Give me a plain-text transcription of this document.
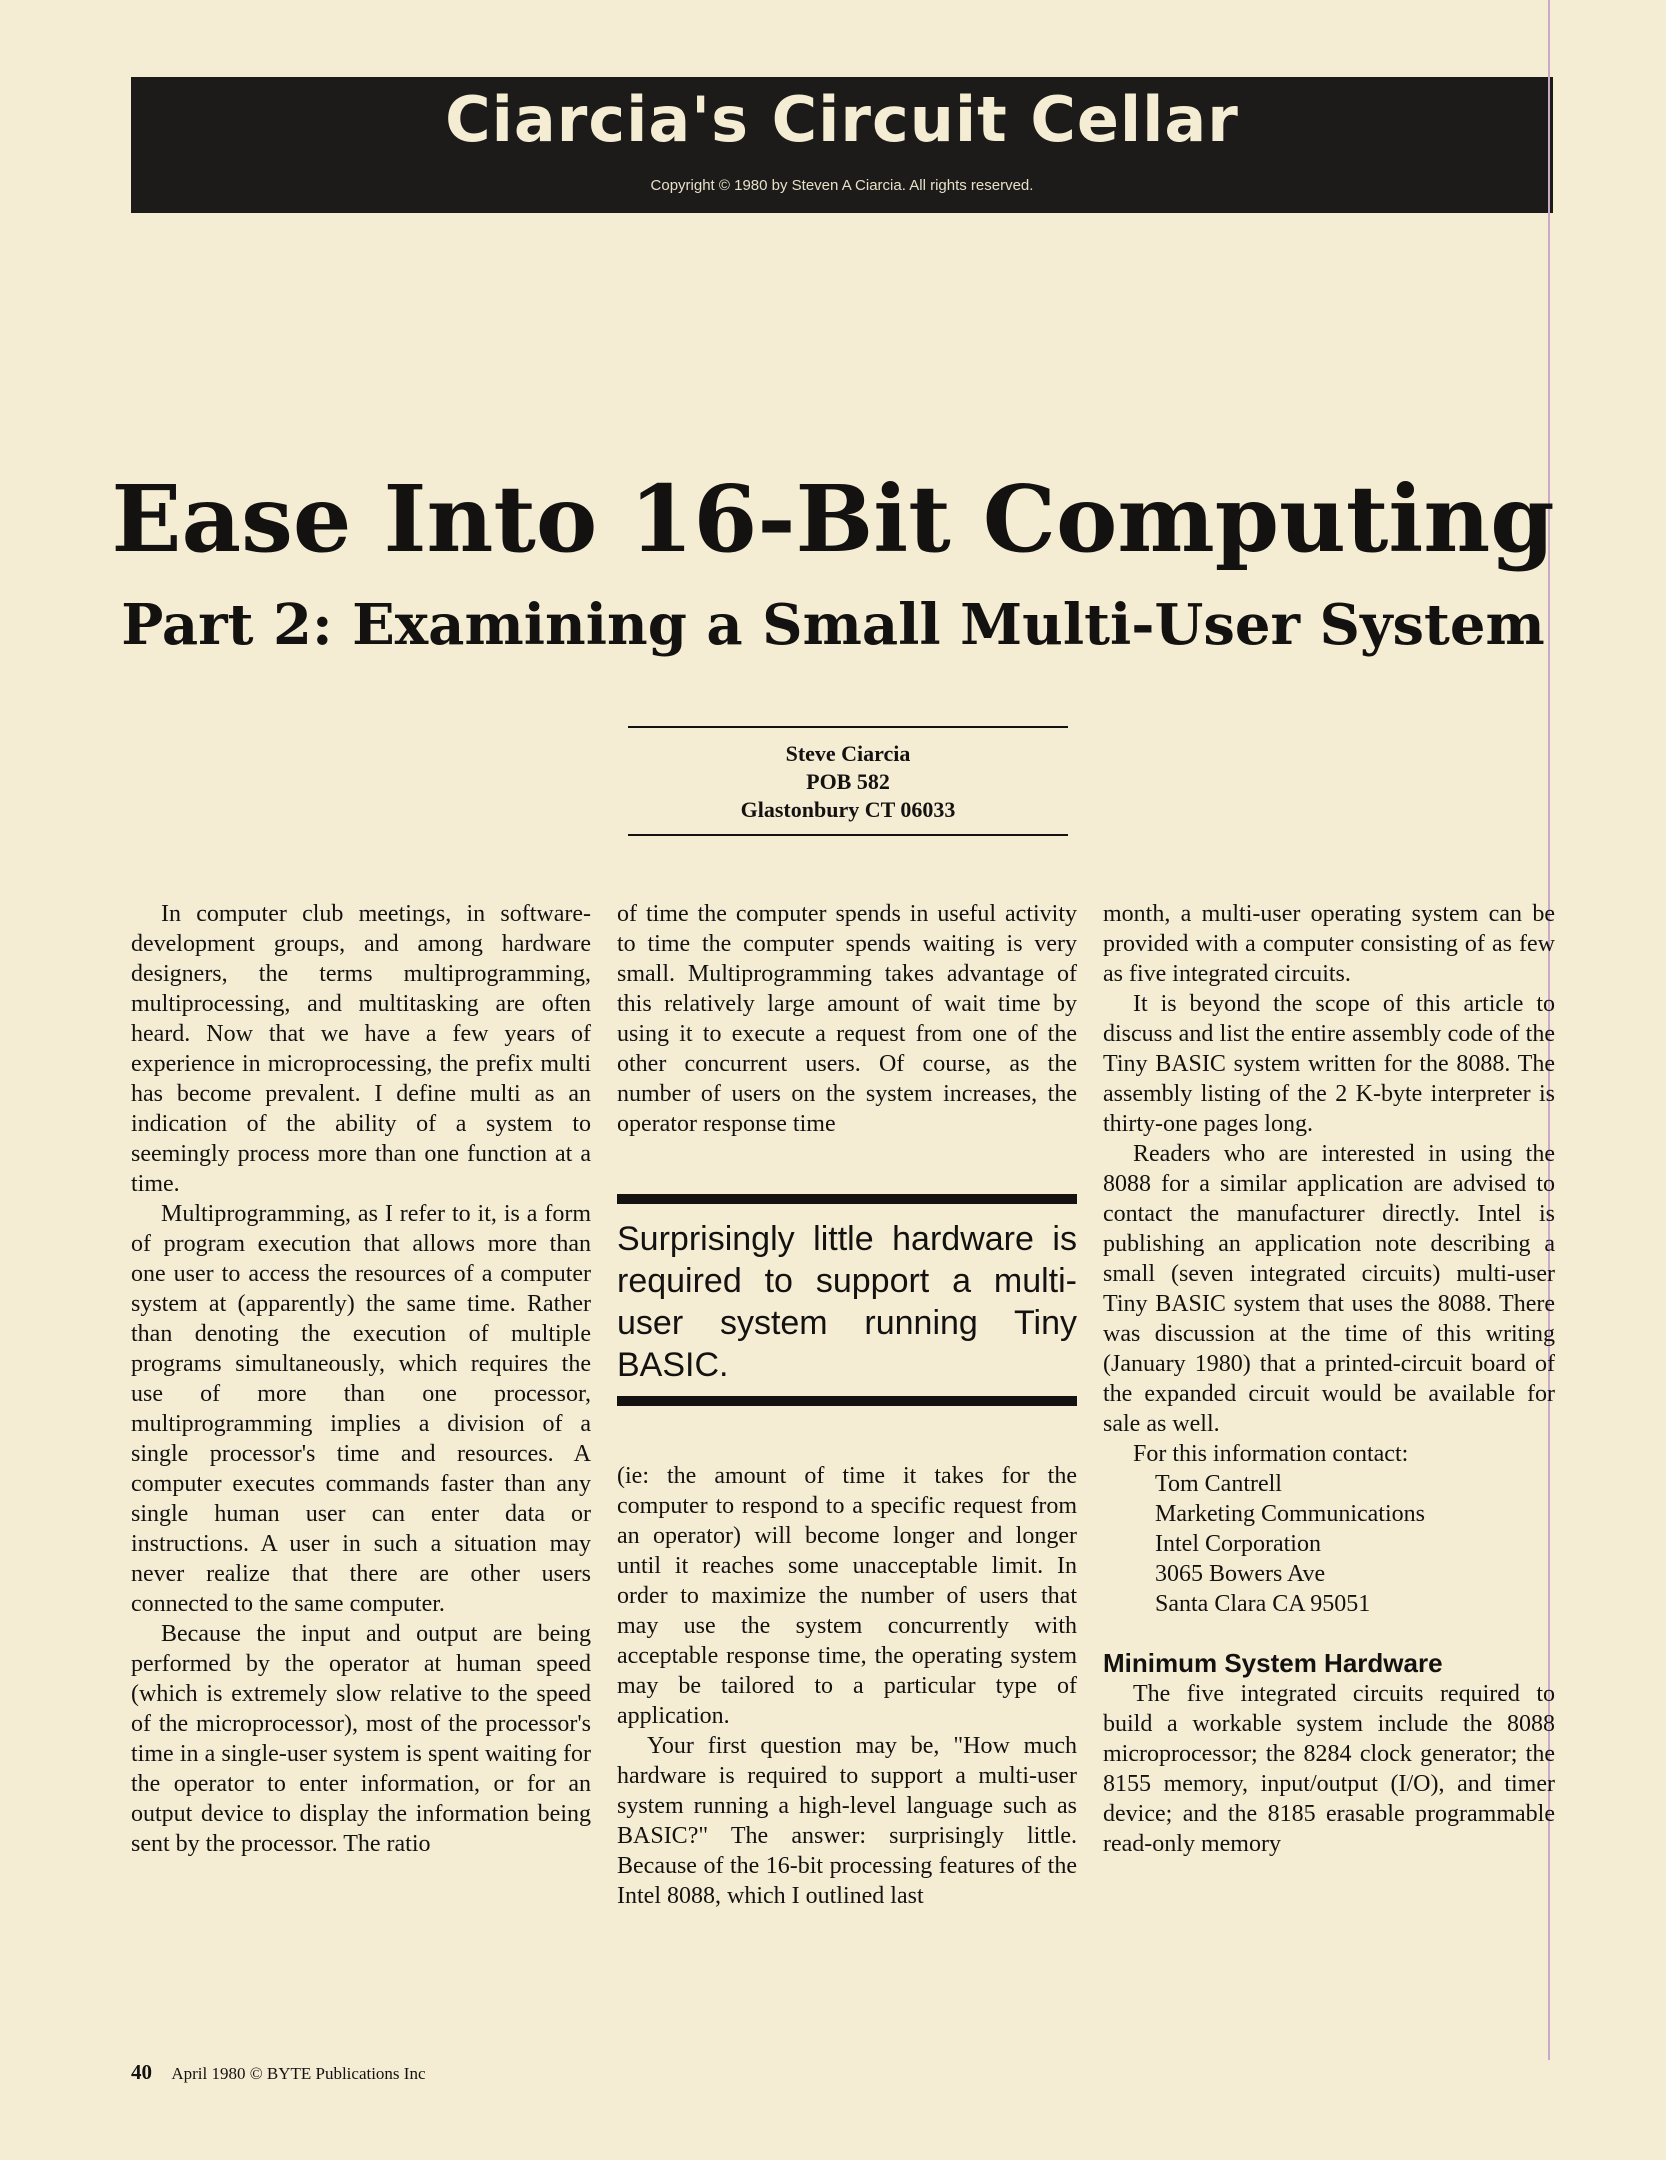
Ciarcia's Circuit Cellar
Copyright © 1980 by Steven A Ciarcia. All rights reserved.
Ease Into 16-Bit Computing
Part 2: Examining a Small Multi-User System
Steve Ciarcia
POB 582
Glastonbury CT 06033

In computer club meetings, in software-development groups, and among hardware designers, the terms multiprogramming, multiprocessing, and multitasking are often heard. Now that we have a few years of experience in microprocessing, the prefix multi has become prevalent. I define multi as an indication of the ability of a system to seemingly process more than one function at a time.

Multiprogramming, as I refer to it, is a form of program execution that allows more than one user to access the resources of a computer system at (apparently) the same time. Rather than denoting the execution of multiple programs simultaneously, which requires the use of more than one processor, multiprogramming implies a division of a single processor's time and resources. A computer executes commands faster than any single human user can enter data or instructions. A user in such a situation may never realize that there are other users connected to the same computer.

Because the input and output are being performed by the operator at human speed (which is extremely slow relative to the speed of the microprocessor), most of the processor's time in a single-user system is spent waiting for the operator to enter information, or for an output device to display the information being sent by the processor. The ratio

of time the computer spends in useful activity to time the computer spends waiting is very small. Multiprogramming takes advantage of this relatively large amount of wait time by using it to execute a request from one of the other concurrent users. Of course, as the number of users on the system increases, the operator response time

Surprisingly little hardware is required to support a multi-user system running Tiny BASIC.

(ie: the amount of time it takes for the computer to respond to a specific request from an operator) will become longer and longer until it reaches some unacceptable limit. In order to maximize the number of users that may use the system concurrently with acceptable response time, the operating system may be tailored to a particular type of application.

Your first question may be, "How much hardware is required to support a multi-user system running a high-level language such as BASIC?" The answer: surprisingly little. Because of the 16-bit processing features of the Intel 8088, which I outlined last

month, a multi-user operating system can be provided with a computer consisting of as few as five integrated circuits.

It is beyond the scope of this article to discuss and list the entire assembly code of the Tiny BASIC system written for the 8088. The assembly listing of the 2 K-byte interpreter is thirty-one pages long.

Readers who are interested in using the 8088 for a similar application are advised to contact the manufacturer directly. Intel is publishing an application note describing a small (seven integrated circuits) multi-user Tiny BASIC system that uses the 8088. There was discussion at the time of this writing (January 1980) that a printed-circuit board of the expanded circuit would be available for sale as well.

For this information contact:

Tom Cantrell
Marketing Communications
Intel Corporation
3065 Bowers Ave
Santa Clara CA 95051
Minimum System Hardware

The five integrated circuits required to build a workable system include the 8088 microprocessor; the 8284 clock generator; the 8155 memory, input/output (I/O), and timer device; and the 8185 erasable programmable read-only memory

40 April 1980 © BYTE Publications Inc
